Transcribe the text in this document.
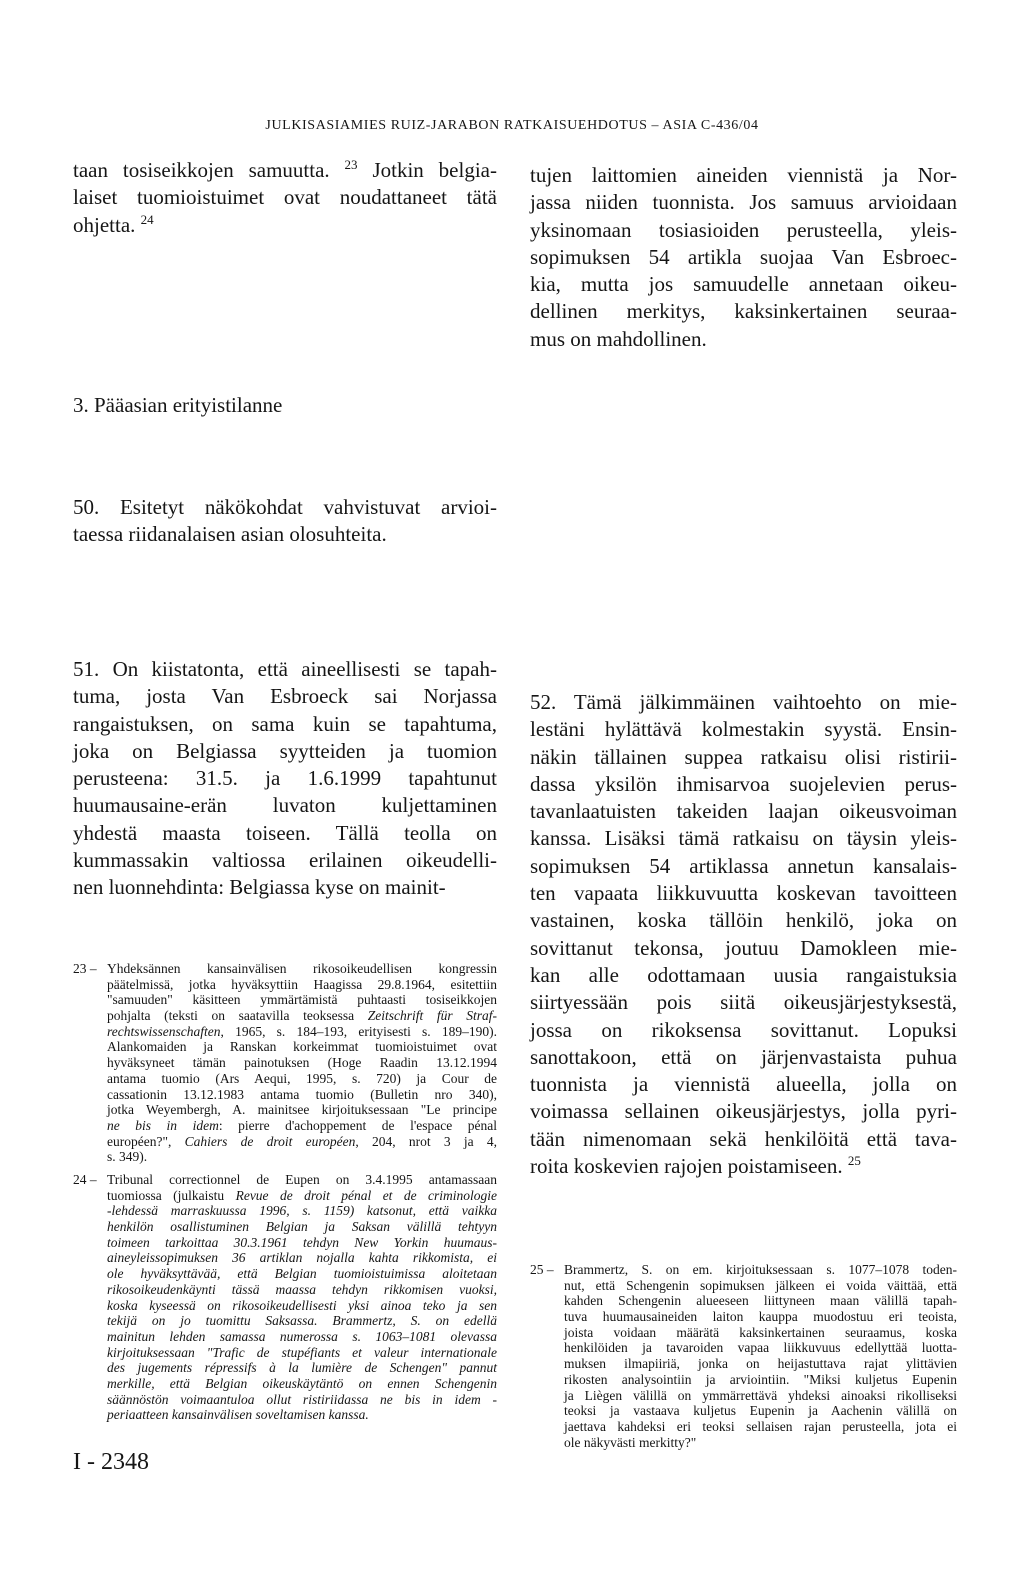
JULKISASIAMIES RUIZ-JARABON RATKAISUEHDOTUS – ASIA C-436/04
taan tosiseikkojen samuutta. $^{23}$ Jotkin belgia-
laiset tuomioistuimet ovat noudattaneet tätä
ohjetta. $^{24}$
tujen laittomien aineiden viennistä ja Nor-
jassa niiden tuonnista. Jos samuus arvioidaan
yksinomaan tosiasioiden perusteella, yleis-
sopimuksen 54 artikla suojaa Van Esbroec-
kia, mutta jos samuudelle annetaan oikeu-
dellinen merkitys, kaksinkertainen seuraa-
mus on mahdollinen.
3. Pääasian erityistilanne
50. Esitetyt näkökohdat vahvistuvat arvioi-
taessa riidanalaisen asian olosuhteita.
51. On kiistatonta, että aineellisesti se tapah-
tuma, josta Van Esbroeck sai Norjassa
rangaistuksen, on sama kuin se tapahtuma,
joka on Belgiassa syytteiden ja tuomion
perusteena: 31.5. ja 1.6.1999 tapahtunut
huumausaine-erän luvaton kuljettaminen
yhdestä maasta toiseen. Tällä teolla on
kummassakin valtiossa erilainen oikeudelli-
nen luonnehdinta: Belgiassa kyse on mainit-
52. Tämä jälkimmäinen vaihtoehto on mie-
lestäni hylättävä kolmestakin syystä. Ensin-
näkin tällainen suppea ratkaisu olisi ristirii-
dassa yksilön ihmisarvoa suojelevien perus-
tavanlaatuisten takeiden laajan oikeusvoiman
kanssa. Lisäksi tämä ratkaisu on täysin yleis-
sopimuksen 54 artiklassa annetun kansalais-
ten vapaata liikkuvuutta koskevan tavoitteen
vastainen, koska tällöin henkilö, joka on
sovittanut tekonsa, joutuu Damokleen mie-
kan alle odottamaan uusia rangaistuksia
siirtyessään pois siitä oikeusjärjestyksestä,
jossa on rikoksensa sovittanut. Lopuksi
sanottakoon, että on järjenvastaista puhua
tuonnista ja viennistä alueella, jolla on
voimassa sellainen oikeusjärjestys, jolla pyri-
tään nimenomaan sekä henkilöitä että tava-
roita koskevien rajojen poistamiseen. $^{25}$
23 – Yhdeksännen kansainvälisen rikosoikeudellisen kongressin
päätelmissä, jotka hyväksyttiin Haagissa 29.8.1964, esitettiin
"samuuden" käsitteen ymmärtämistä puhtaasti tosiseikkojen
pohjalta (teksti on saatavilla teoksessa Zeitschrift für Straf-
rechtswissenschaften, 1965, s. 184–193, erityisesti s. 189–190).
Alankomaiden ja Ranskan korkeimmat tuomioistuimet ovat
hyväksyneet tämän painotuksen (Hoge Raadin 13.12.1994
antama tuomio (Ars Aequi, 1995, s. 720) ja Cour de
cassationin 13.12.1983 antama tuomio (Bulletin nro 340),
jotka Weyembergh, A. mainitsee kirjoituksessaan "Le principe
ne bis in idem: pierre d'achoppement de l'espace pénal
européen?", Cahiers de droit européen, 204, nrot 3 ja 4,
s. 349).
24 – Tribunal correctionnel de Eupen on 3.4.1995 antamassaan
tuomiossa (julkaistu Revue de droit pénal et de criminologie
-lehdessä marraskuussa 1996, s. 1159) katsonut, että vaikka
henkilön osallistuminen Belgian ja Saksan välillä tehtyyn
toimeen tarkoittaa 30.3.1961 tehdyn New Yorkin huumaus-
aineyleissopimuksen 36 artiklan nojalla kahta rikkomista, ei
ole hyväksyttävää, että Belgian tuomioistuimissa aloitetaan
rikosoikeudenkäynti tässä maassa tehdyn rikkomisen vuoksi,
koska kyseessä on rikosoikeudellisesti yksi ainoa teko ja sen
tekijä on jo tuomittu Saksassa. Brammertz, S. on edellä
mainitun lehden samassa numerossa s. 1063–1081 olevassa
kirjoituksessaan "Trafic de stupéfiants et valeur internationale
des jugements répressifs à la lumière de Schengen" pannut
merkille, että Belgian oikeuskäytäntö on ennen Schengenin
säännöstön voimaantuloa ollut ristiriidassa ne bis in idem -
periaatteen kansainvälisen soveltamisen kanssa.
25 – Brammertz, S. on em. kirjoituksessaan s. 1077–1078 toden-
nut, että Schengenin sopimuksen jälkeen ei voida väittää, että
kahden Schengenin alueeseen liittyneen maan välillä tapah-
tuva huumausaineiden laiton kauppa muodostuu eri teoista,
joista voidaan määrätä kaksinkertainen seuraamus, koska
henkilöiden ja tavaroiden vapaa liikkuvuus edellyttää luotta-
muksen ilmapiiriä, jonka on heijastuttava rajat ylittävien
rikosten analysointiin ja arviointiin. "Miksi kuljetus Eupenin
ja Liègen välillä on ymmärrettävä yhdeksi ainoaksi rikolliseksi
teoksi ja vastaava kuljetus Eupenin ja Aachenin välillä on
jaettava kahdeksi eri teoksi sellaisen rajan perusteella, jota ei
ole näkyvästi merkitty?"
I - 2348
